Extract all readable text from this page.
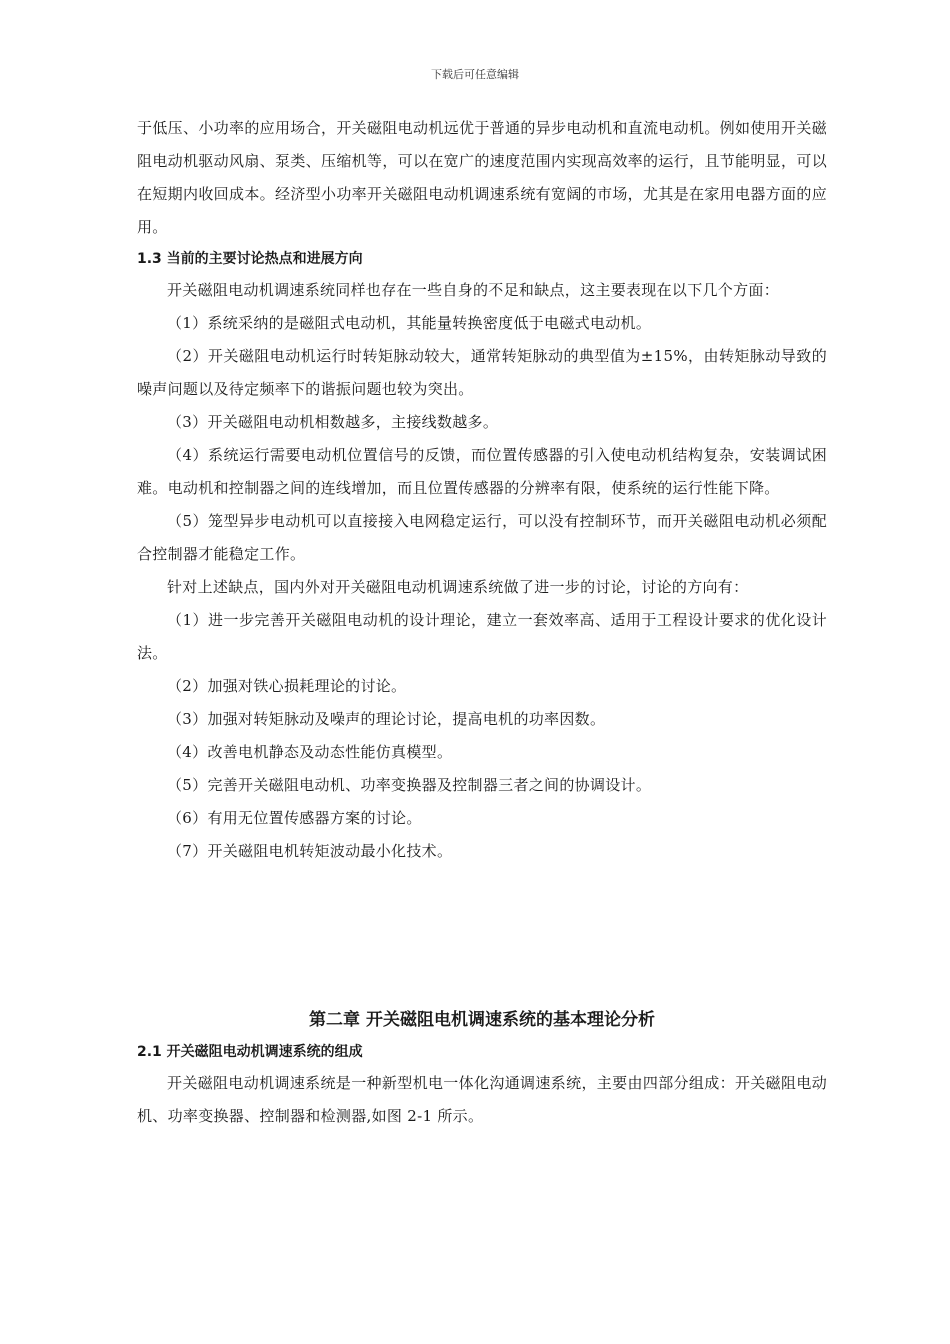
下载后可任意编辑

于低压、小功率的应用场合，开关磁阻电动机远优于普通的异步电动机和直流电动机。例如使用开关磁阻电动机驱动风扇、泵类、压缩机等，可以在宽广的速度范围内实现高效率的运行，且节能明显，可以在短期内收回成本。经济型小功率开关磁阻电动机调速系统有宽阔的市场，尤其是在家用电器方面的应用。

1.3 当前的主要讨论热点和进展方向

开关磁阻电动机调速系统同样也存在一些自身的不足和缺点，这主要表现在以下几个方面：

（1）系统采纳的是磁阻式电动机，其能量转换密度低于电磁式电动机。

（2）开关磁阻电动机运行时转矩脉动较大，通常转矩脉动的典型值为±15%，由转矩脉动导致的噪声问题以及待定频率下的谐振问题也较为突出。

（3）开关磁阻电动机相数越多，主接线数越多。

（4）系统运行需要电动机位置信号的反馈，而位置传感器的引入使电动机结构复杂，安装调试困难。电动机和控制器之间的连线增加，而且位置传感器的分辨率有限，使系统的运行性能下降。

（5）笼型异步电动机可以直接接入电网稳定运行，可以没有控制环节，而开关磁阻电动机必须配合控制器才能稳定工作。

针对上述缺点，国内外对开关磁阻电动机调速系统做了进一步的讨论，讨论的方向有：

（1）进一步完善开关磁阻电动机的设计理论，建立一套效率高、适用于工程设计要求的优化设计法。

（2）加强对铁心损耗理论的讨论。

（3）加强对转矩脉动及噪声的理论讨论，提高电机的功率因数。

（4）改善电机静态及动态性能仿真模型。

（5）完善开关磁阻电动机、功率变换器及控制器三者之间的协调设计。

（6）有用无位置传感器方案的讨论。

（7）开关磁阻电机转矩波动最小化技术。

第二章 开关磁阻电机调速系统的基本理论分析

2.1 开关磁阻电动机调速系统的组成

开关磁阻电动机调速系统是一种新型机电一体化沟通调速系统，主要由四部分组成：开关磁阻电动机、功率变换器、控制器和检测器,如图 2-1 所示。
